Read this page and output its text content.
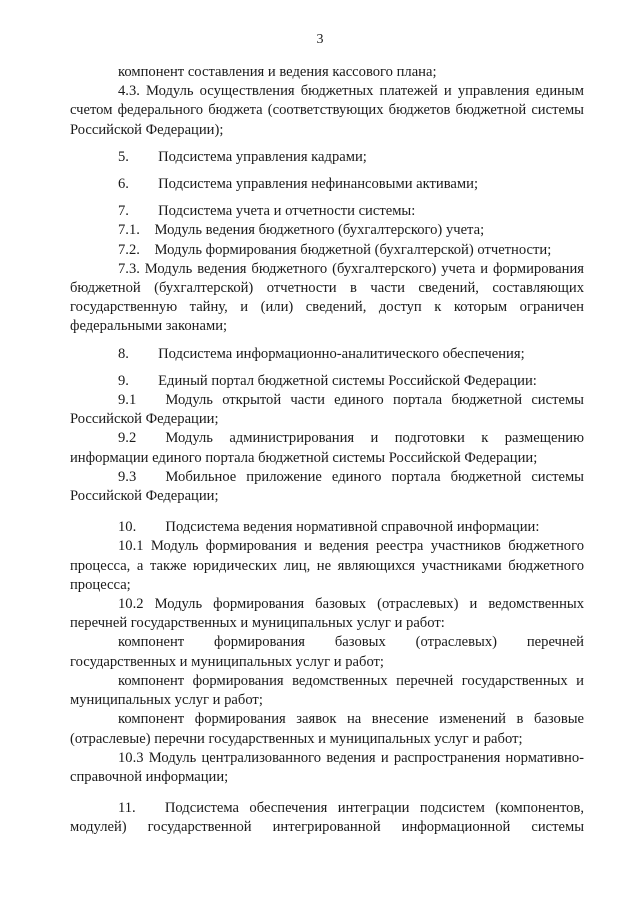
3

компонент составления и ведения кассового плана;

4.3. Модуль осуществления бюджетных платежей и управления единым счетом федерального бюджета (соответствующих бюджетов бюджетной системы Российской Федерации);

5.  Подсистема управления кадрами;

6.  Подсистема управления нефинансовыми активами;

7.  Подсистема учета и отчетности системы:

7.1. Модуль ведения бюджетного (бухгалтерского) учета;

7.2. Модуль формирования бюджетной (бухгалтерской) отчетности;

7.3. Модуль ведения бюджетного (бухгалтерского) учета и формирования бюджетной (бухгалтерской) отчетности в части сведений, составляющих государственную тайну, и (или) сведений, доступ к которым ограничен федеральными законами;

8.  Подсистема информационно-аналитического обеспечения;

9.  Единый портал бюджетной системы Российской Федерации:

9.1  Модуль открытой части единого портала бюджетной системы Российской Федерации;

9.2  Модуль администрирования и подготовки к размещению информации единого портала бюджетной системы Российской Федерации;

9.3  Мобильное приложение единого портала бюджетной системы Российской Федерации;

10.  Подсистема ведения нормативной справочной информации:

10.1 Модуль формирования и ведения реестра участников бюджетного процесса, а также юридических лиц, не являющихся участниками бюджетного процесса;

10.2 Модуль формирования базовых (отраслевых) и ведомственных перечней государственных и муниципальных услуг и работ:

компонент формирования базовых (отраслевых) перечней государственных и муниципальных услуг и работ;

компонент формирования ведомственных перечней государственных и муниципальных услуг и работ;

компонент формирования заявок на внесение изменений в базовые (отраслевые) перечни государственных и муниципальных услуг и работ;

10.3 Модуль централизованного ведения и распространения нормативно-справочной информации;

11.  Подсистема обеспечения интеграции подсистем (компонентов, модулей) государственной интегрированной информационной системы
